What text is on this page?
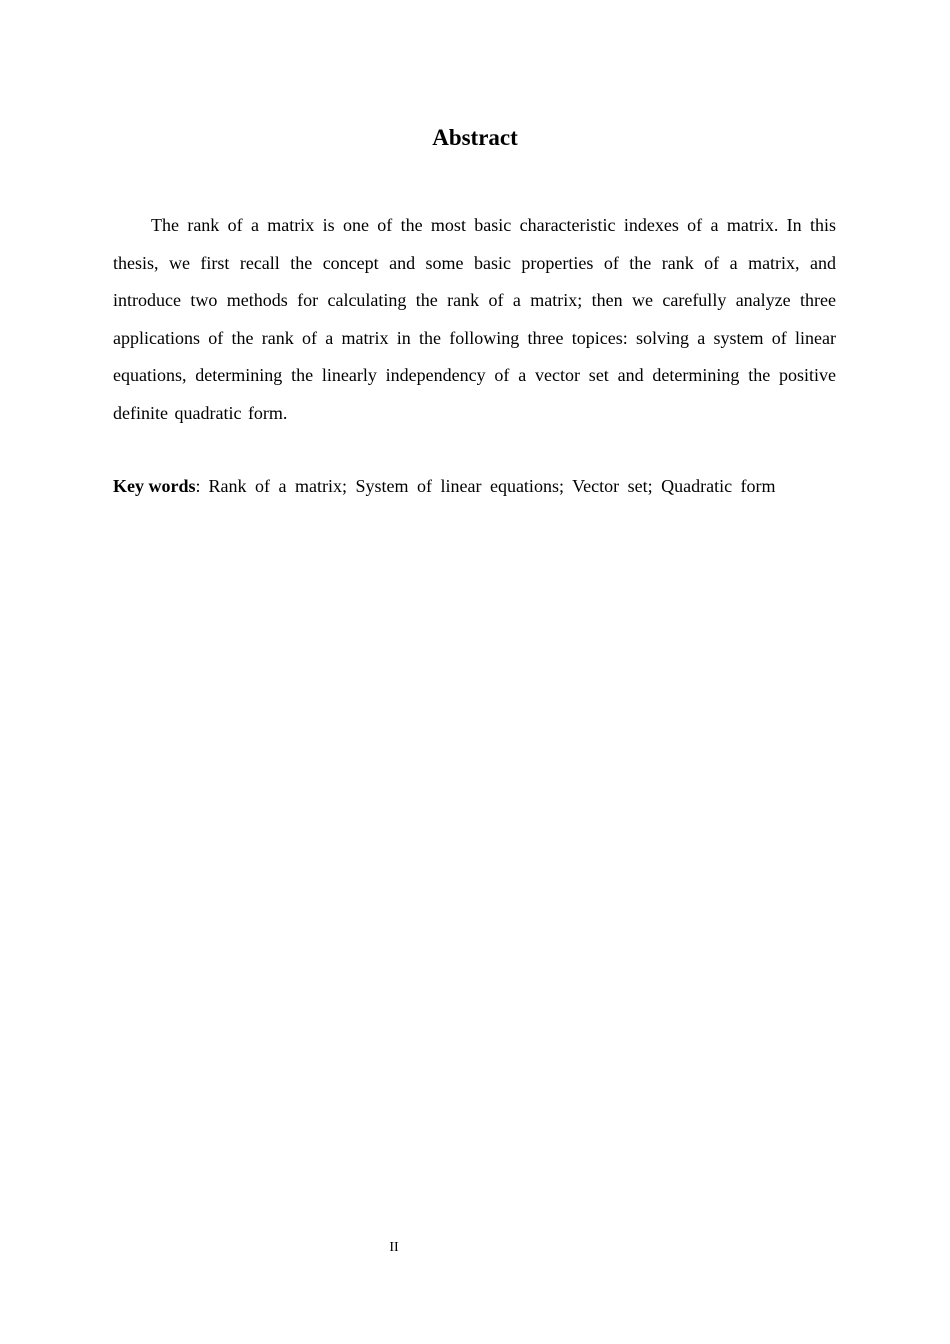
Abstract

The rank of a matrix is one of the most basic characteristic indexes of a matrix. In this thesis, we first recall the concept and some basic properties of the rank of a matrix, and introduce two methods for calculating the rank of a matrix; then we carefully analyze three applications of the rank of a matrix in the following three topices: solving a system of linear equations, determining the linearly independency of a vector set and determining the positive definite quadratic form.

Key words: Rank of a matrix; System of linear equations; Vector set; Quadratic form

II
